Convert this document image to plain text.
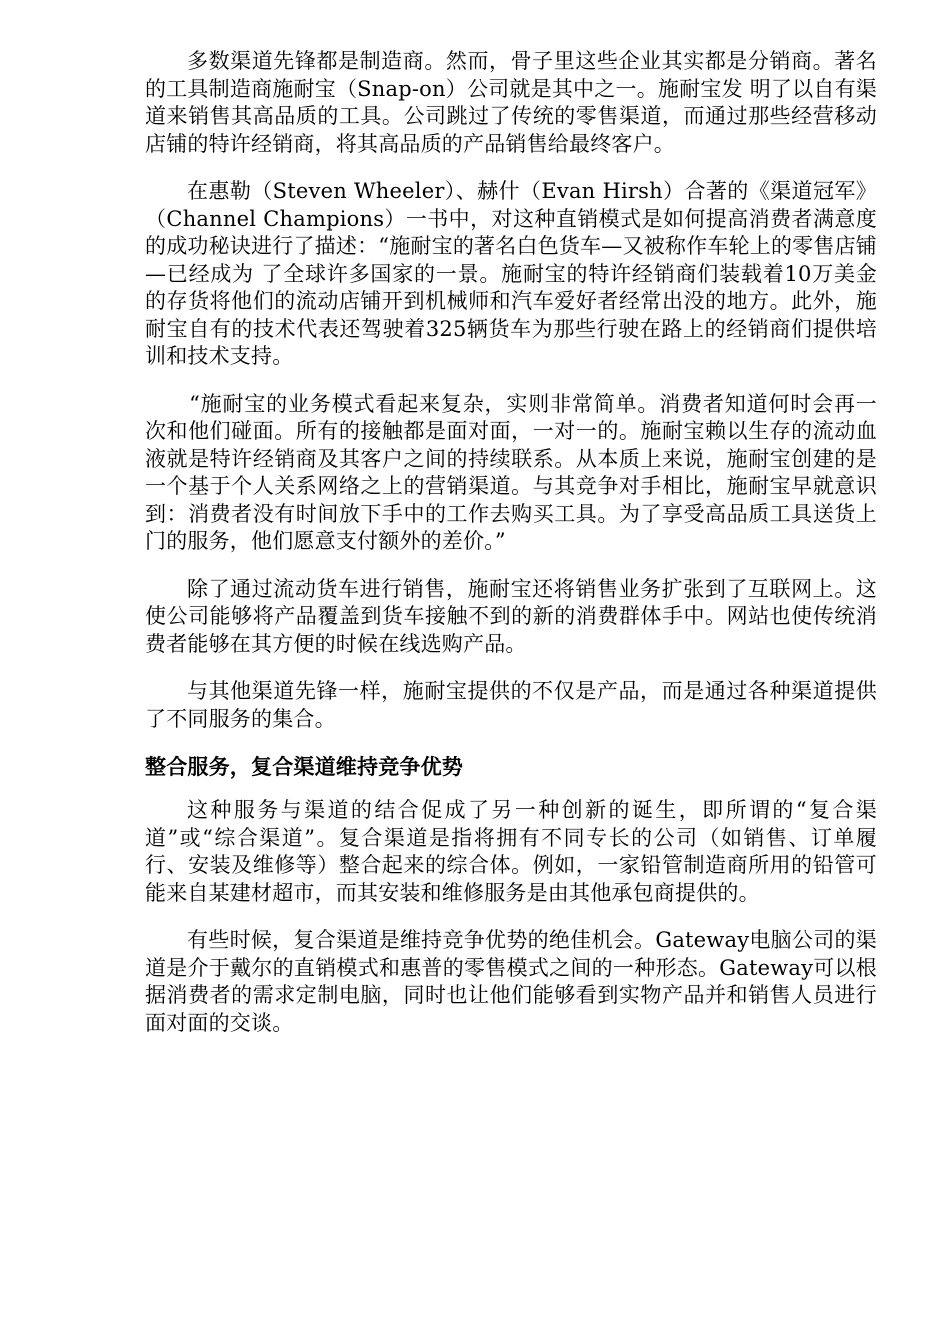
多数渠道先锋都是制造商。然而，骨子里这些企业其实都是分销商。著名的工具制造商施耐宝（Snap-on）公司就是其中之一。施耐宝发 明了以自有渠道来销售其高品质的工具。公司跳过了传统的零售渠道，而通过那些经营移动店铺的特许经销商，将其高品质的产品销售给最终客户。

在惠勒（Steven Wheeler）、赫什（Evan Hirsh）合著的《渠道冠军》（Channel Champions）一书中，对这种直销模式是如何提高消费者满意度的成功秘诀进行了描述：“施耐宝的著名白色货车—又被称作车轮上的零售店铺—已经成为 了全球许多国家的一景。施耐宝的特许经销商们装载着10万美金的存货将他们的流动店铺开到机械师和汽车爱好者经常出没的地方。此外，施耐宝自有的技术代表还驾驶着325辆货车为那些行驶在路上的经销商们提供培训和技术支持。

“施耐宝的业务模式看起来复杂，实则非常简单。消费者知道何时会再一次和他们碰面。所有的接触都是面对面，一对一的。施耐宝赖以生存的流动血液就是特许经销商及其客户之间的持续联系。从本质上来说，施耐宝创建的是一个基于个人关系网络之上的营销渠道。与其竞争对手相比，施耐宝早就意识 到：消费者没有时间放下手中的工作去购买工具。为了享受高品质工具送货上门的服务，他们愿意支付额外的差价。”

除了通过流动货车进行销售，施耐宝还将销售业务扩张到了互联网上。这使公司能够将产品覆盖到货车接触不到的新的消费群体手中。网站也使传统消费者能够在其方便的时候在线选购产品。

与其他渠道先锋一样，施耐宝提供的不仅是产品，而是通过各种渠道提供了不同服务的集合。

整合服务，复合渠道维持竞争优势

这种服务与渠道的结合促成了另一种创新的诞生，即所谓的“复合渠道”或“综合渠道”。复合渠道是指将拥有不同专长的公司（如销售、订单履行、安装及维修等）整合起来的综合体。例如，一家铅管制造商所用的铅管可能来自某建材超市，而其安装和维修服务是由其他承包商提供的。

有些时候，复合渠道是维持竞争优势的绝佳机会。Gateway电脑公司的渠道是介于戴尔的直销模式和惠普的零售模式之间的一种形态。Gateway可以根据消费者的需求定制电脑，同时也让他们能够看到实物产品并和销售人员进行面对面的交谈。
